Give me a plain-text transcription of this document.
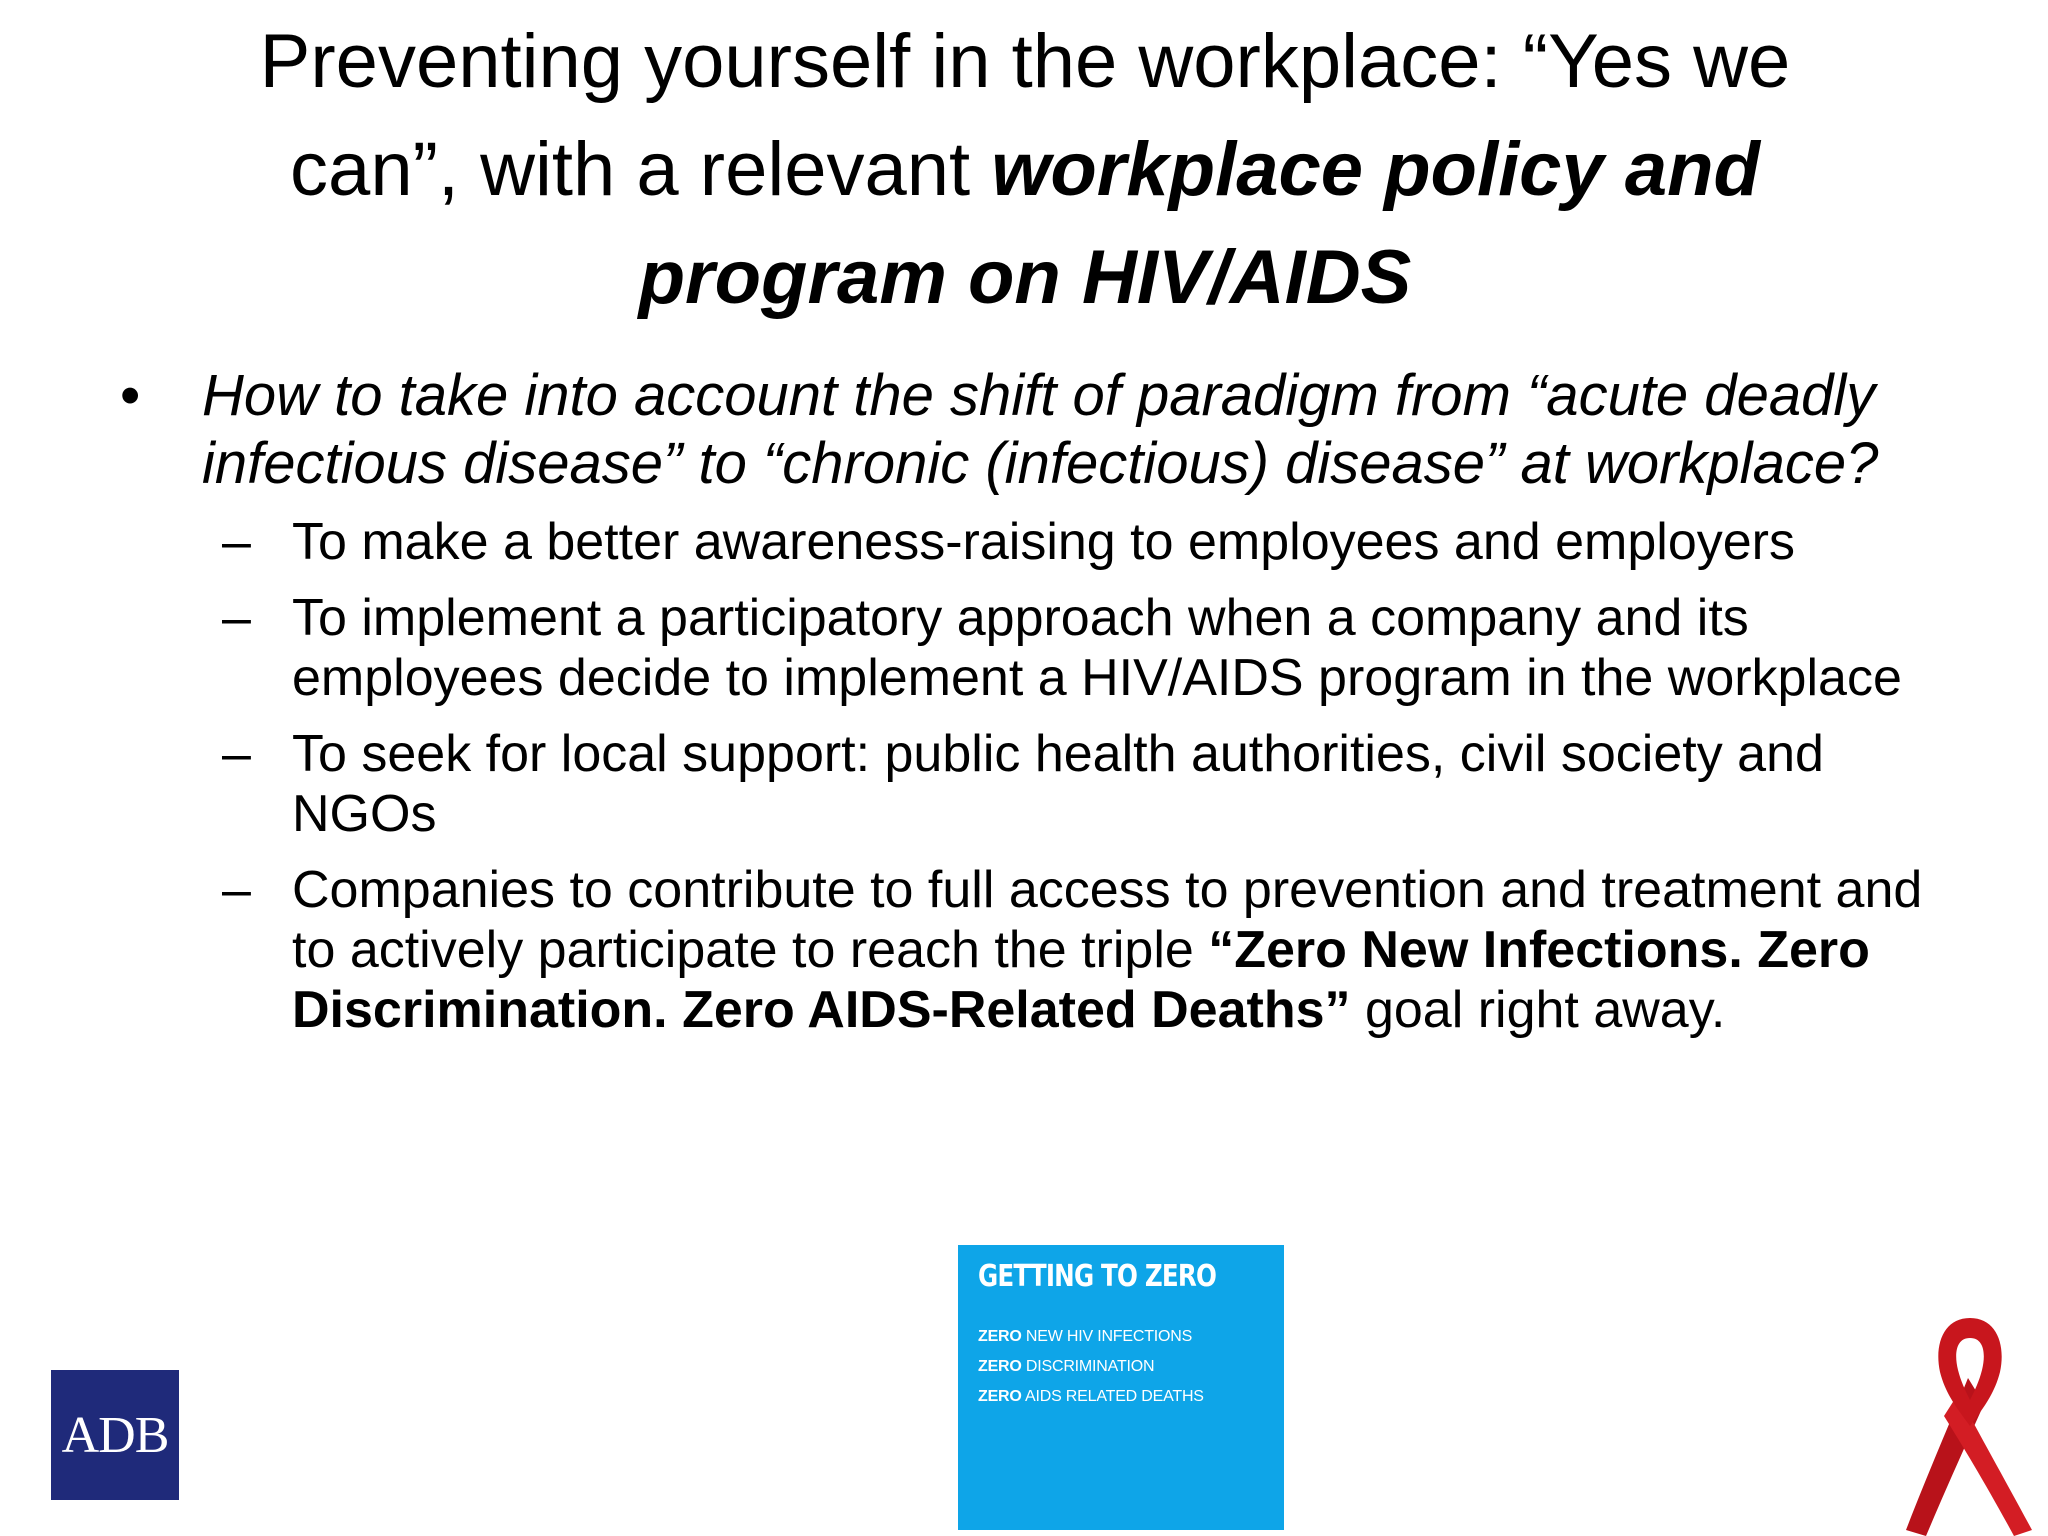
Preventing yourself in the workplace: “Yes we
can”, with a relevant workplace policy and
program on HIV/AIDS

• How to take into account the shift of paradigm from “acute deadly infectious disease” to “chronic (infectious) disease” at workplace?

– To make a better awareness-raising to employees and employers
– To implement a participatory approach when a company and its employees decide to implement a HIV/AIDS program in the workplace
– To seek for local support: public health authorities, civil society and NGOs
– Companies to contribute to full access to prevention and treatment and to actively participate to reach the triple “Zero New Infections. Zero Discrimination. Zero AIDS-Related Deaths” goal right away.
ADB
GETTING TO ZERO
ZERO NEW HIV INFECTIONS
ZERO DISCRIMINATION
ZERO AIDS RELATED DEATHS
